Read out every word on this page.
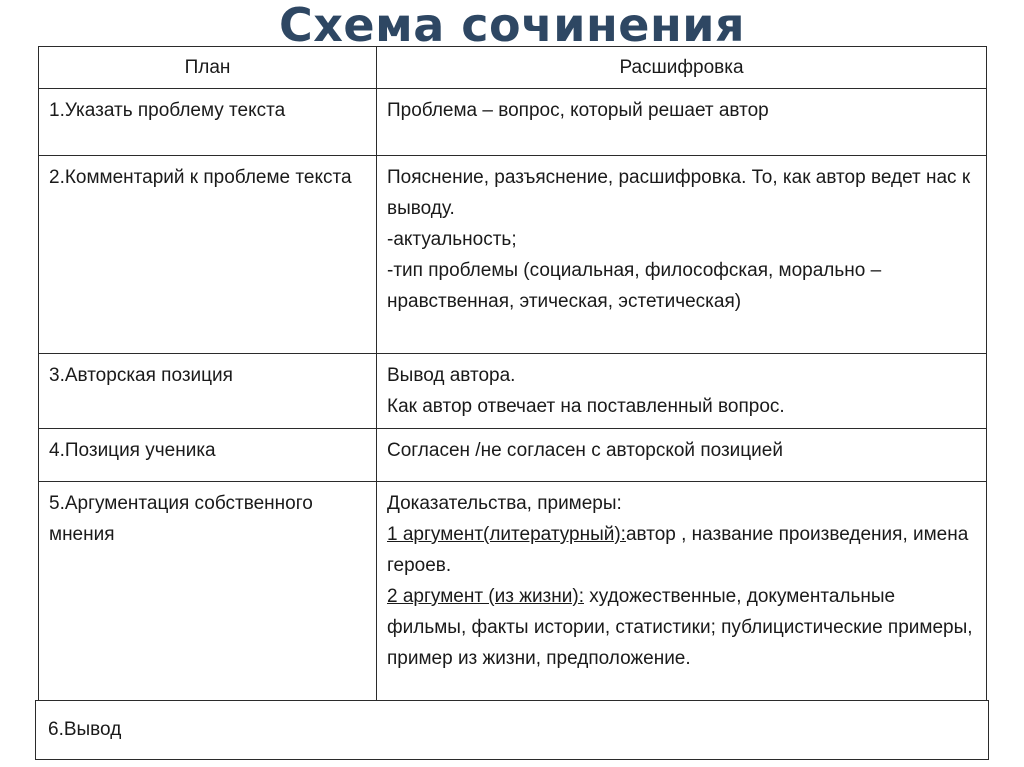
Схема сочинения
План	Расшифровка
1.Указать проблему текста	Проблема – вопрос, который решает автор

2.Комментарий к проблеме текста	Пояснение, разъяснение, расшифровка. То, как автор ведет нас к выводу.
-актуальность;
-тип проблемы (социальная, философская, морально – нравственная, этическая, эстетическая)

3.Авторская позиция	Вывод автора.
Как автор отвечает на поставленный вопрос.

4.Позиция ученика	Согласен /не согласен с авторской позицией

5.Аргументация собственного мнения	Доказательства, примеры:
1 аргумент(литературный):автор , название произведения, имена героев.
2 аргумент (из жизни): художественные, документальные фильмы, факты истории, статистики; публицистические примеры, пример из жизни, предположение.
6.Вывод
